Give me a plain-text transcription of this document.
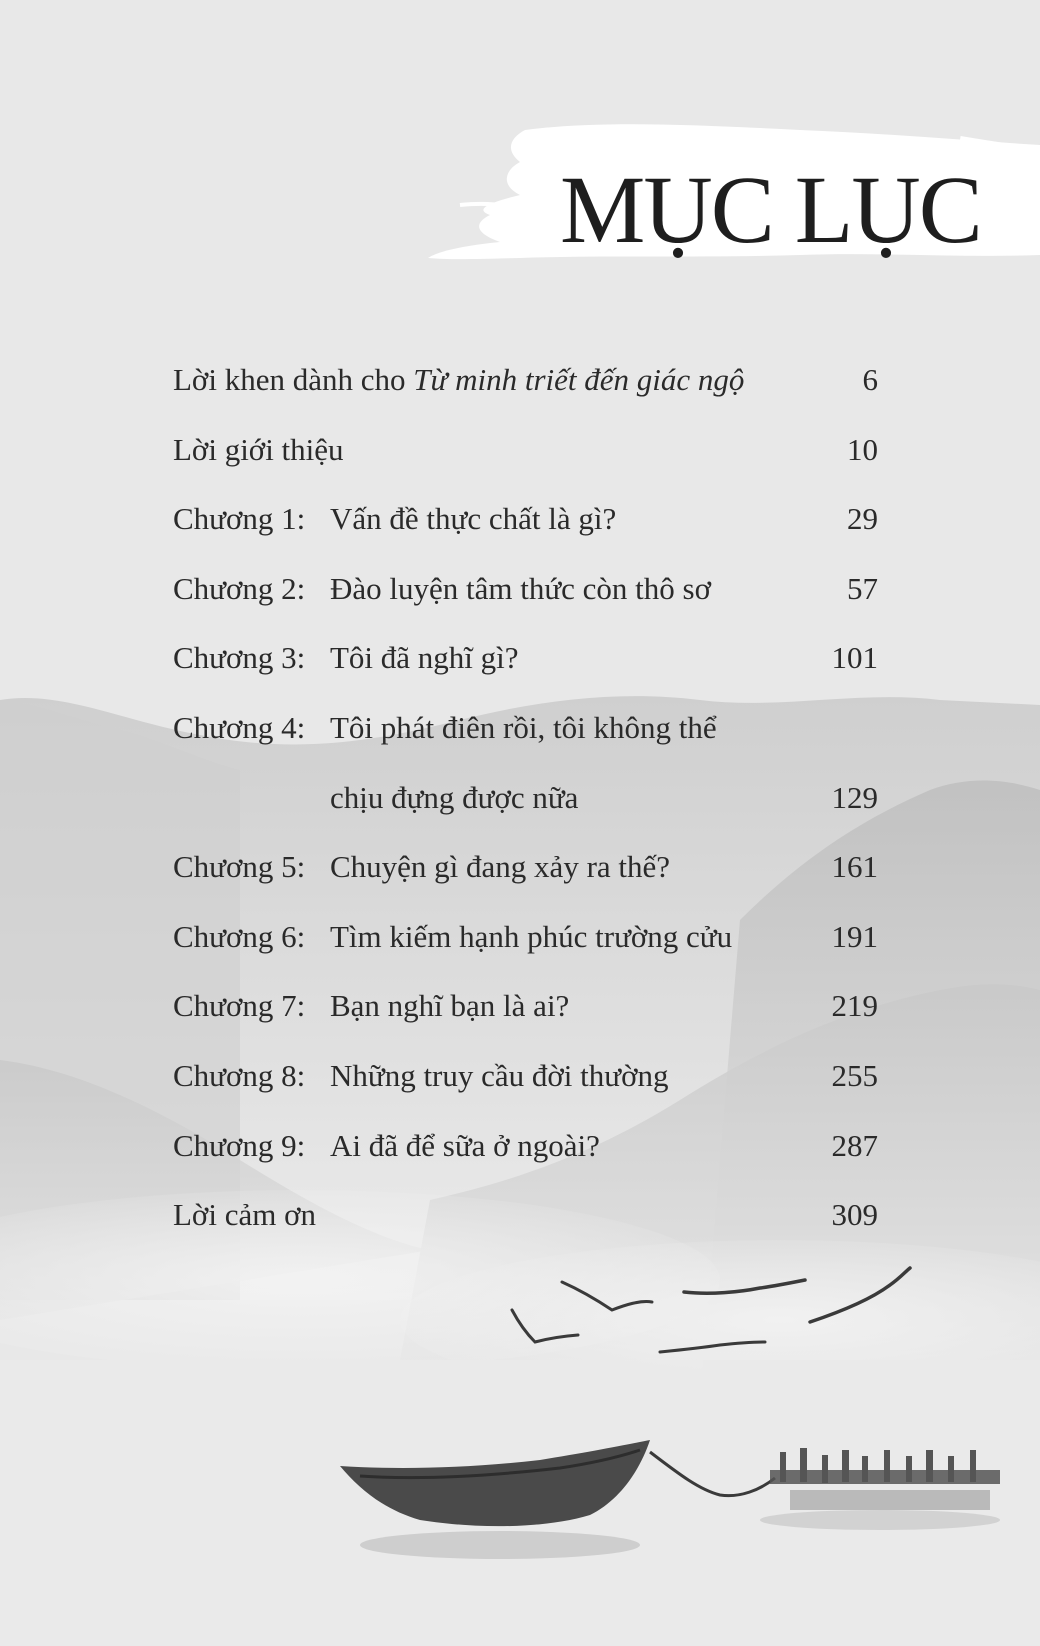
MỤC LỤC
Lời khen dành cho Từ minh triết đến giác ngộ	6
Lời giới thiệu	10
Chương 1: Vấn đề thực chất là gì?	29
Chương 2: Đào luyện tâm thức còn thô sơ	57
Chương 3: Tôi đã nghĩ gì?	101
Chương 4: Tôi phát điên rồi, tôi không thể
chịu đựng được nữa	129
Chương 5: Chuyện gì đang xảy ra thế?	161
Chương 6: Tìm kiếm hạnh phúc trường cửu	191
Chương 7: Bạn nghĩ bạn là ai?	219
Chương 8: Những truy cầu đời thường	255
Chương 9: Ai đã để sữa ở ngoài?	287
Lời cảm ơn	309
